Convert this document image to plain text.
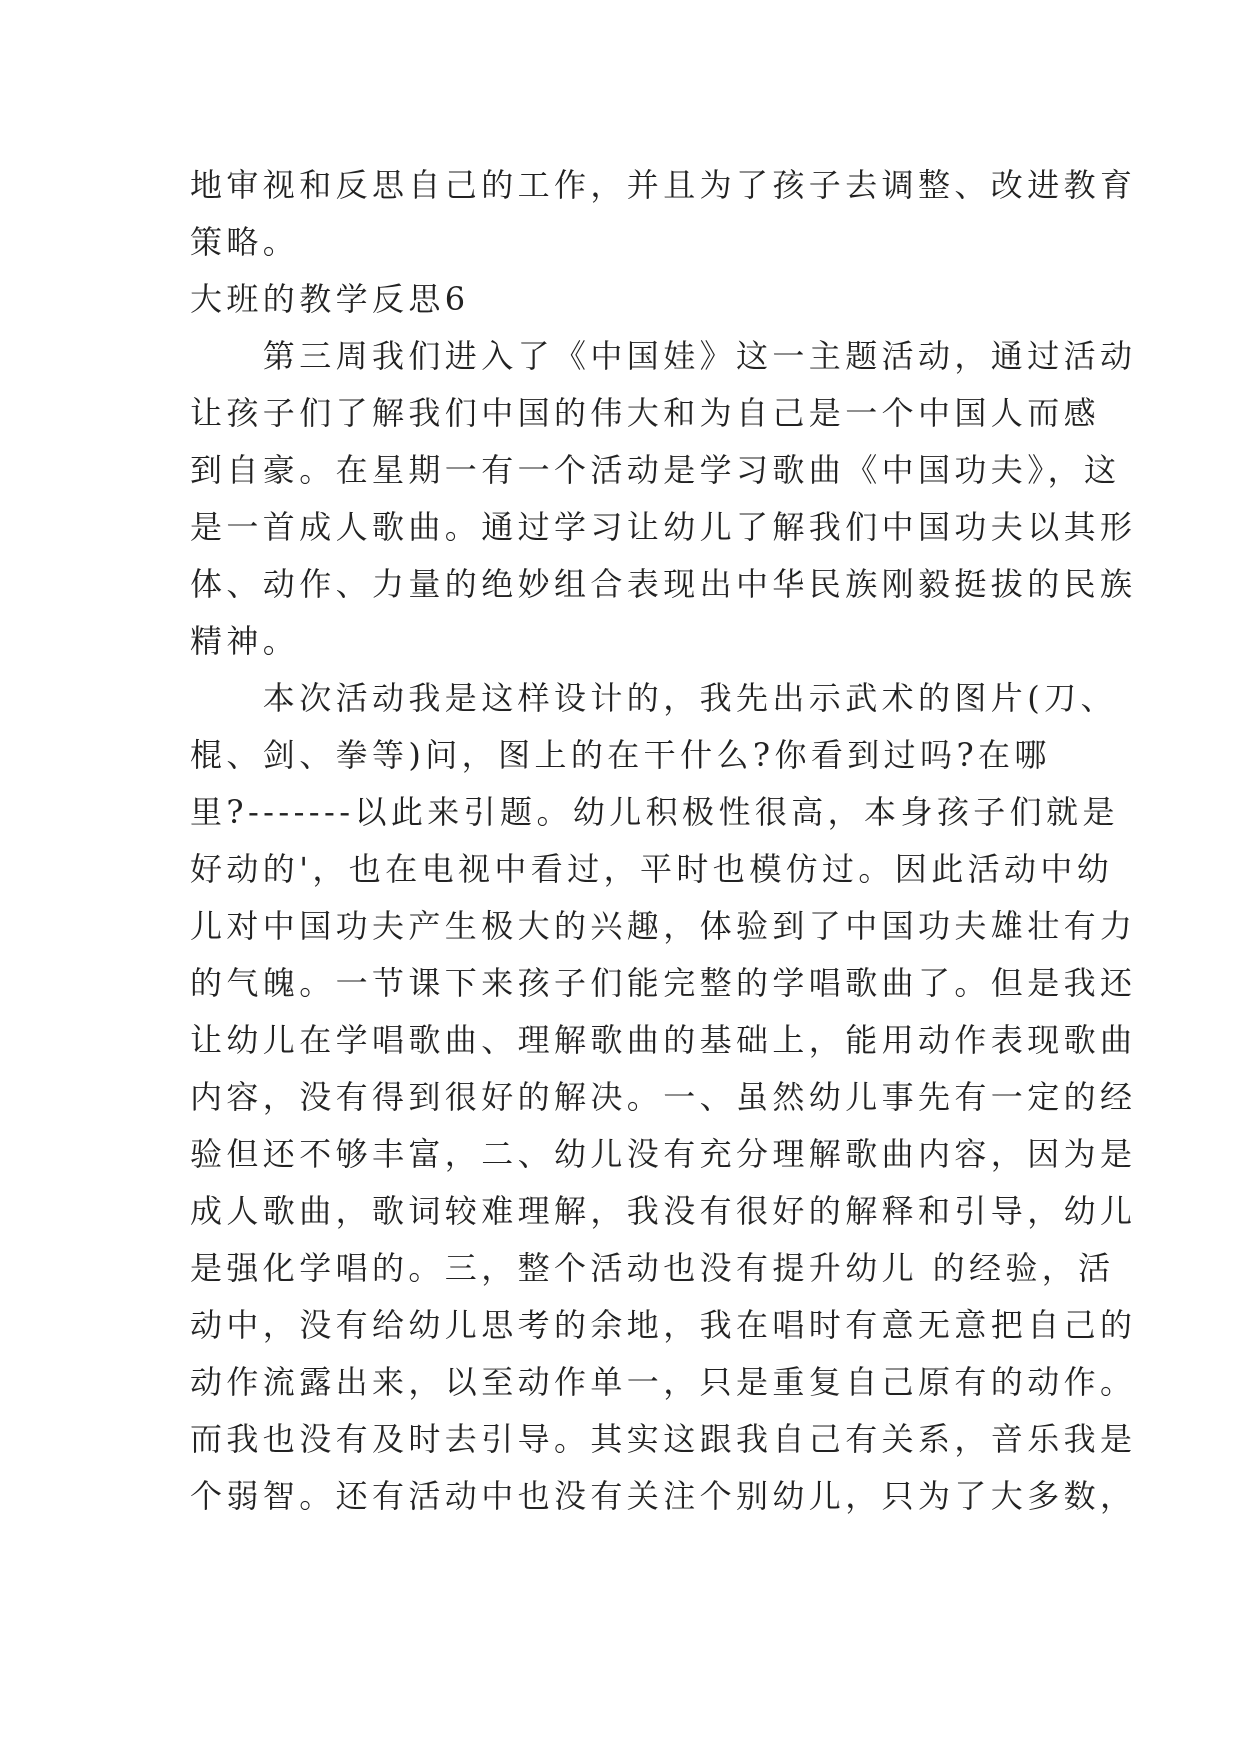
地审视和反思自己的工作，并且为了孩子去调整、改进教育
策略。
大班的教学反思6
　　第三周我们进入了《中国娃》这一主题活动，通过活动
让孩子们了解我们中国的伟大和为自己是一个中国人而感
到自豪。在星期一有一个活动是学习歌曲《中国功夫》，这
是一首成人歌曲。通过学习让幼儿了解我们中国功夫以其形
体、动作、力量的绝妙组合表现出中华民族刚毅挺拔的民族
精神。
　　本次活动我是这样设计的，我先出示武术的图片(刀、
棍、剑、拳等)问，图上的在干什么?你看到过吗?在哪
里?-------以此来引题。幼儿积极性很高，本身孩子们就是
好动的'，也在电视中看过，平时也模仿过。因此活动中幼
儿对中国功夫产生极大的兴趣，体验到了中国功夫雄壮有力
的气魄。一节课下来孩子们能完整的学唱歌曲了。但是我还
让幼儿在学唱歌曲、理解歌曲的基础上，能用动作表现歌曲
内容，没有得到很好的解决。一、虽然幼儿事先有一定的经
验但还不够丰富，二、幼儿没有充分理解歌曲内容，因为是
成人歌曲，歌词较难理解，我没有很好的解释和引导，幼儿
是强化学唱的。三，整个活动也没有提升幼儿 的经验，活
动中，没有给幼儿思考的余地，我在唱时有意无意把自己的
动作流露出来，以至动作单一，只是重复自己原有的动作。
而我也没有及时去引导。其实这跟我自己有关系，音乐我是
个弱智。还有活动中也没有关注个别幼儿，只为了大多数，
